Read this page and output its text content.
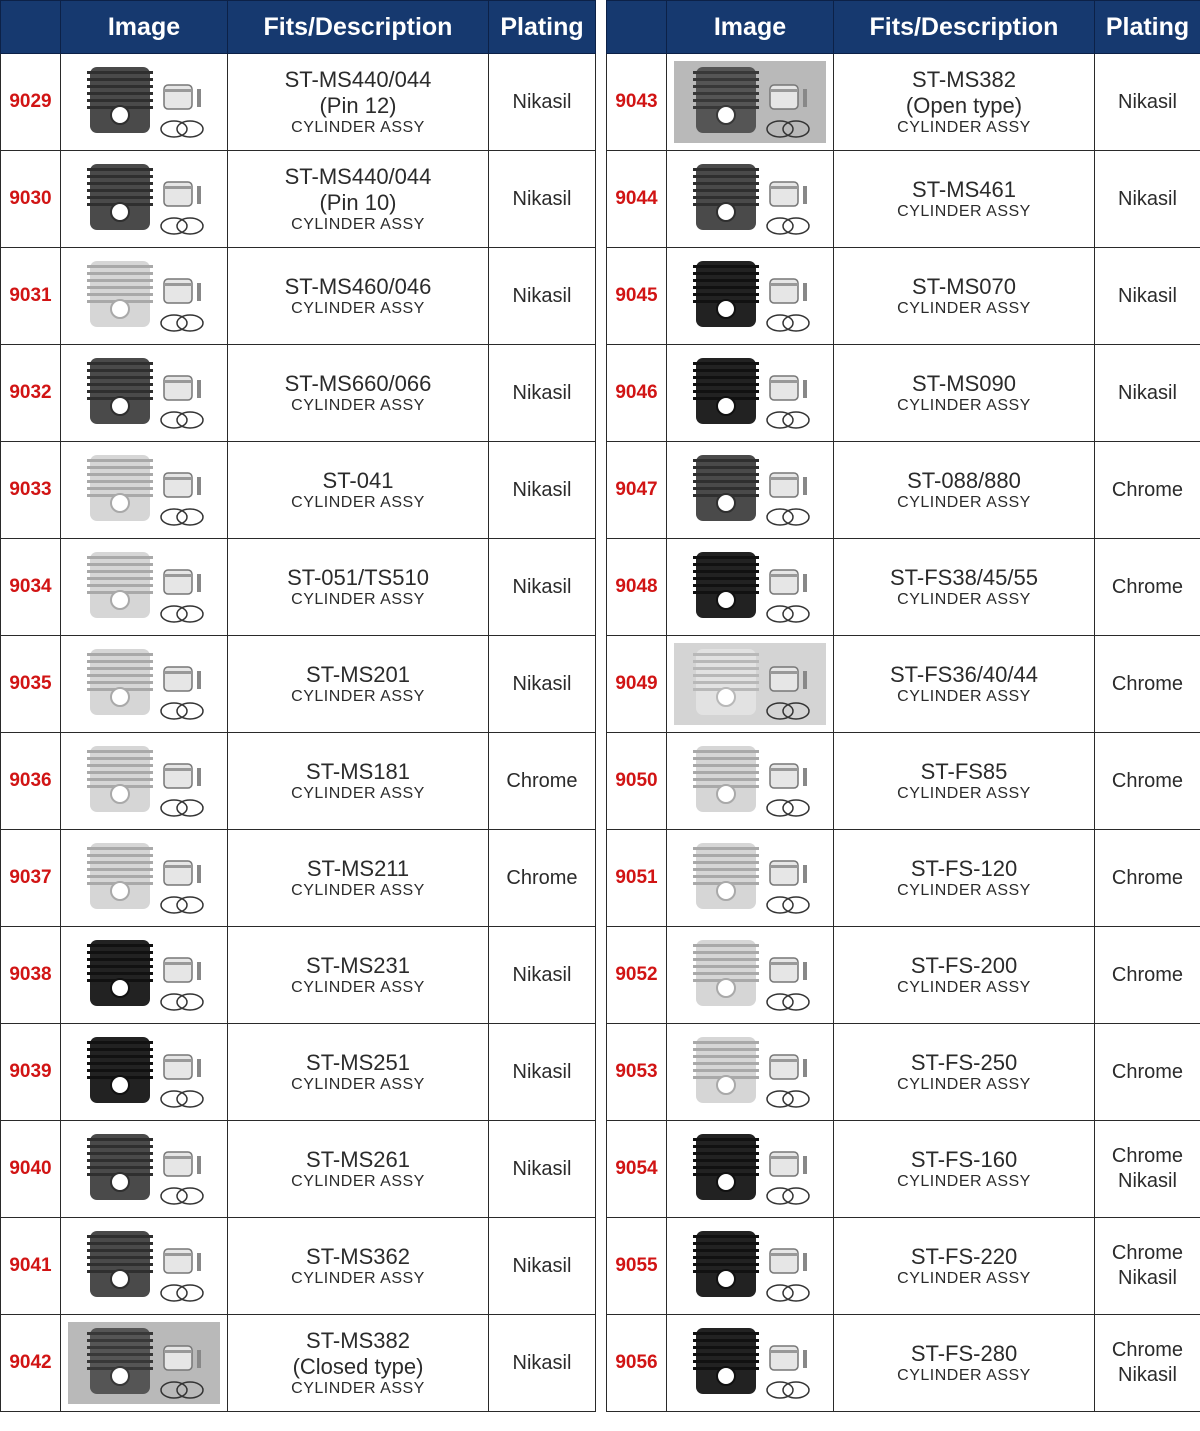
	Image	Fits/Description	Plating
9029		ST-MS440/044
(Pin 12)
CYLINDER ASSY	Nikasil

9030		ST-MS440/044
(Pin 10)
CYLINDER ASSY	Nikasil

9031		ST-MS460/046
CYLINDER ASSY	Nikasil

9032		ST-MS660/066
CYLINDER ASSY	Nikasil

9033		ST-041
CYLINDER ASSY	Nikasil

9034		ST-051/TS510
CYLINDER ASSY	Nikasil

9035		ST-MS201
CYLINDER ASSY	Nikasil

9036		ST-MS181
CYLINDER ASSY	Chrome

9037		ST-MS211
CYLINDER ASSY	Chrome

9038		ST-MS231
CYLINDER ASSY	Nikasil

9039		ST-MS251
CYLINDER ASSY	Nikasil

9040		ST-MS261
CYLINDER ASSY	Nikasil

9041		ST-MS362
CYLINDER ASSY	Nikasil

9042		ST-MS382
(Closed type)
CYLINDER ASSY	Nikasil
	Image	Fits/Description	Plating
9043		ST-MS382
(Open type)
CYLINDER ASSY	Nikasil

9044		ST-MS461
CYLINDER ASSY	Nikasil

9045		ST-MS070
CYLINDER ASSY	Nikasil

9046		ST-MS090
CYLINDER ASSY	Nikasil

9047		ST-088/880
CYLINDER ASSY	Chrome

9048		ST-FS38/45/55
CYLINDER ASSY	Chrome

9049		ST-FS36/40/44
CYLINDER ASSY	Chrome

9050		ST-FS85
CYLINDER ASSY	Chrome

9051		ST-FS-120
CYLINDER ASSY	Chrome

9052		ST-FS-200
CYLINDER ASSY	Chrome

9053		ST-FS-250
CYLINDER ASSY	Chrome

9054		ST-FS-160
CYLINDER ASSY	Chrome
Nikasil

9055		ST-FS-220
CYLINDER ASSY	Chrome
Nikasil

9056		ST-FS-280
CYLINDER ASSY	Chrome
Nikasil
